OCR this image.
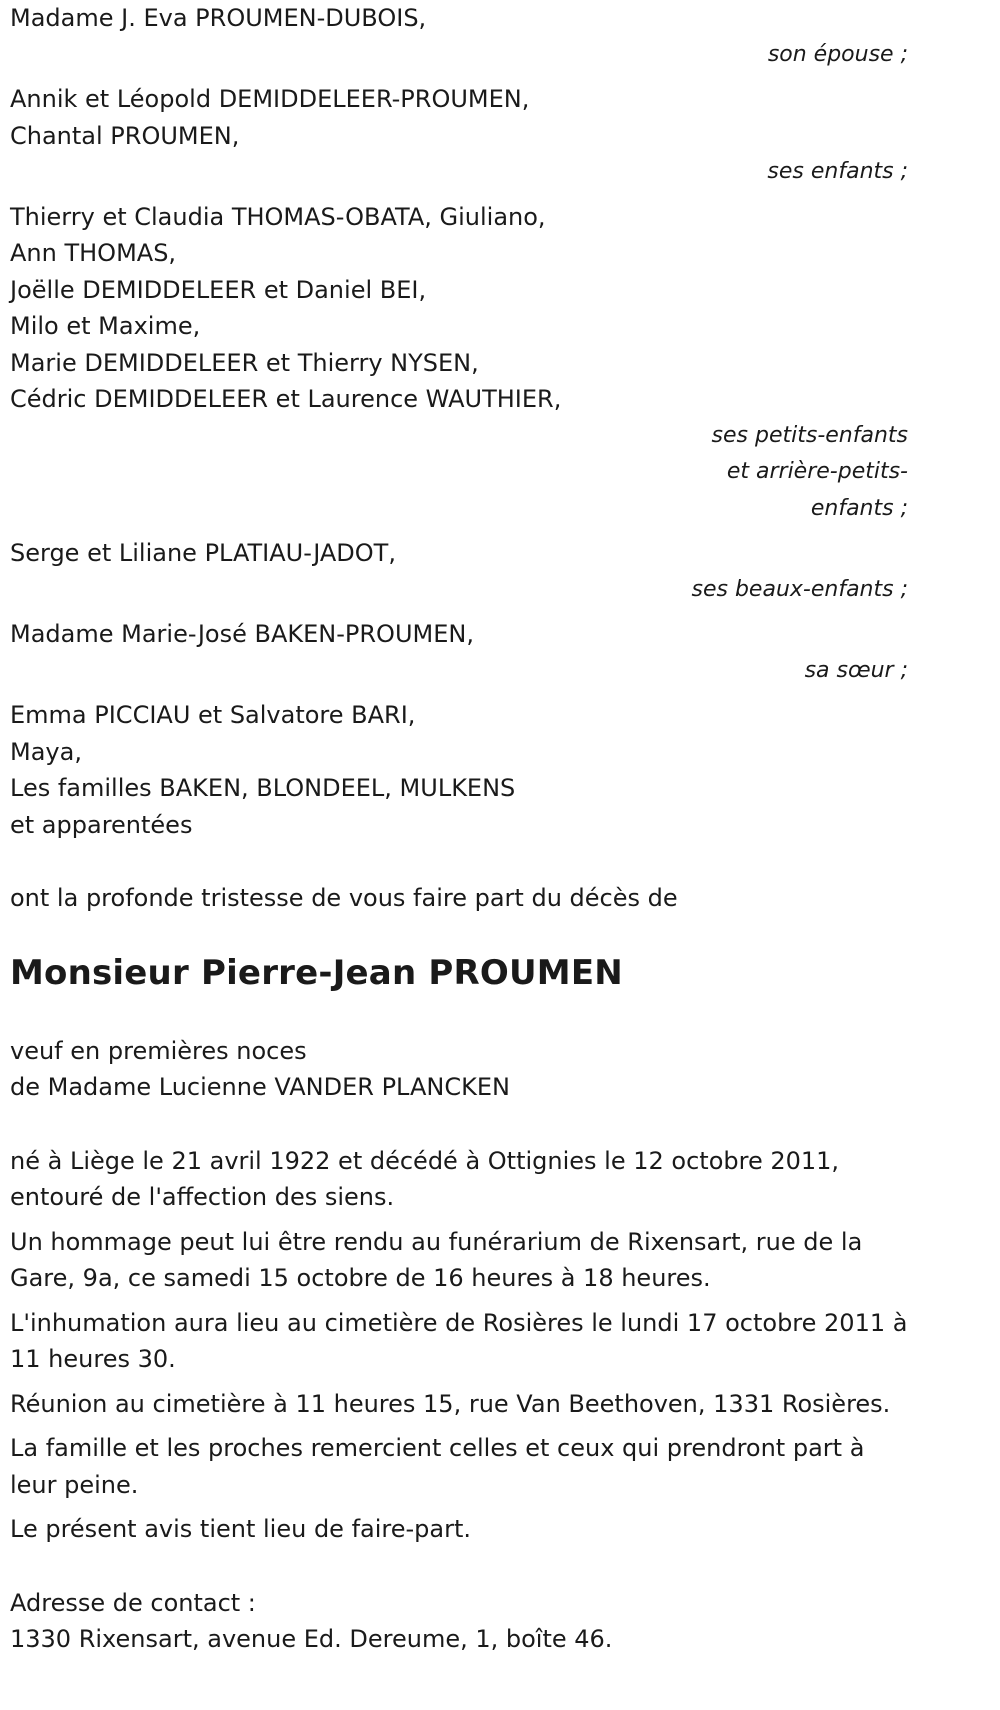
Madame J. Eva PROUMEN-DUBOIS,
son épouse ;
Annik et Léopold DEMIDDELEER-PROUMEN,
Chantal PROUMEN,
ses enfants ;
Thierry et Claudia THOMAS-OBATA, Giuliano,
Ann THOMAS,
Joëlle DEMIDDELEER et Daniel BEI,
Milo et Maxime,
Marie DEMIDDELEER et Thierry NYSEN,
Cédric DEMIDDELEER et Laurence WAUTHIER,
ses petits-enfants
et arrière-petits-
enfants ;
Serge et Liliane PLATIAU-JADOT,
ses beaux-enfants ;
Madame Marie-José BAKEN-PROUMEN,
sa sœur ;
Emma PICCIAU et Salvatore BARI,
Maya,
Les familles BAKEN, BLONDEEL, MULKENS
et apparentées
ont la profonde tristesse de vous faire part du décès de
Monsieur Pierre-Jean PROUMEN
veuf en premières noces
de Madame Lucienne VANDER PLANCKEN
né à Liège le 21 avril 1922 et décédé à Ottignies le 12 octobre 2011, entouré de l'affection des siens.
Un hommage peut lui être rendu au funérarium de Rixensart, rue de la Gare, 9a, ce samedi 15 octobre de 16 heures à 18 heures.
L'inhumation aura lieu au cimetière de Rosières le lundi 17 octobre 2011 à 11 heures 30.
Réunion au cimetière à 11 heures 15, rue Van Beethoven, 1331 Rosières.
La famille et les proches remercient celles et ceux qui prendront part à leur peine.
Le présent avis tient lieu de faire-part.
Adresse de contact :
1330 Rixensart, avenue Ed. Dereume, 1, boîte 46.
